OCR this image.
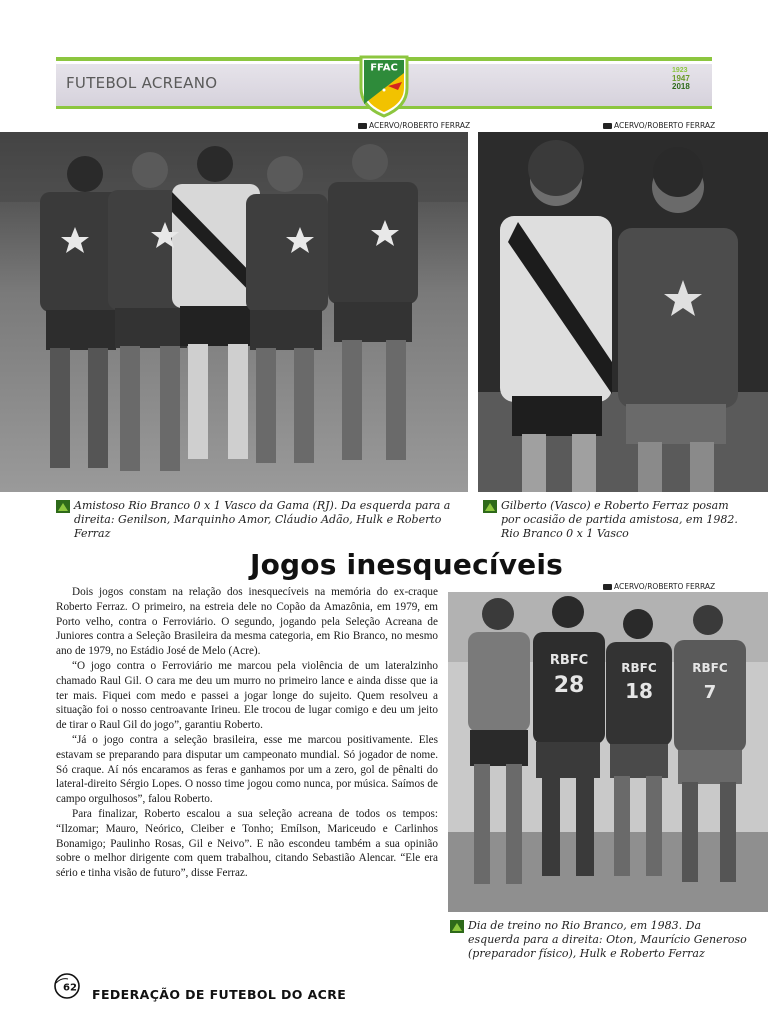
FUTEBOL ACREANO
FFAC	1923
1947
2018
ACERVO/ROBERTO FERRAZ	ACERVO/ROBERTO FERRAZ
ACERVO/ROBERTO FERRAZ
RBFC
28
RBFC
18
RBFC
7
Amistoso Rio Branco 0 x 1 Vasco da Gama (RJ). Da esquerda para a direita: Genilson, Marquinho Amor, Cláudio Adão, Hulk e Roberto Ferraz
Gilberto (Vasco) e Roberto Ferraz posam por ocasião de partida amistosa, em 1982. Rio Branco 0 x 1 Vasco
Dia de treino no Rio Branco, em 1983. Da esquerda para a direita: Oton, Maurício Generoso (preparador físico), Hulk e Roberto Ferraz
Jogos inesquecíveis

Dois jogos constam na relação dos inesquecíveis na memória do ex-craque Roberto Ferraz. O primeiro, na estreia dele no Copão da Amazônia, em 1979, em Porto velho, contra o Ferroviário. O segundo, jogando pela Seleção Acreana de Juniores contra a Seleção Brasileira da mesma categoria, em Rio Branco, no mesmo ano de 1979, no Estádio José de Melo (Acre).

“O jogo contra o Ferroviário me marcou pela violência de um lateralzinho chamado Raul Gil. O cara me deu um murro no primeiro lance e ainda disse que ia ter mais. Fiquei com medo e passei a jogar longe do sujeito. Quem resolveu a situação foi o nosso centroavante Irineu. Ele trocou de lugar comigo e deu um jeito de tirar o Raul Gil do jogo”, garantiu Roberto.

“Já o jogo contra a seleção brasileira, esse me marcou positivamente. Eles estavam se preparando para disputar um campeonato mundial. Só jogador de nome. Só craque. Aí nós encaramos as feras e ganhamos por um a zero, gol de pênalti do lateral-direito Sérgio Lopes. O nosso time jogou como nunca, por música. Saímos de campo orgulhosos”, falou Roberto.

Para finalizar, Roberto escalou a sua seleção acreana de todos os tempos: “Ilzomar; Mauro, Neórico, Cleiber e Tonho; Emílson, Mariceudo e Carlinhos Bonamigo; Paulinho Rosas, Gil e Neivo”. E não escondeu também a sua opinião sobre o melhor dirigente com quem trabalhou, citando Sebastião Alencar. “Ele era sério e tinha visão de futuro”, disse Ferraz.

62 FEDERAÇÃO DE FUTEBOL DO ACRE
